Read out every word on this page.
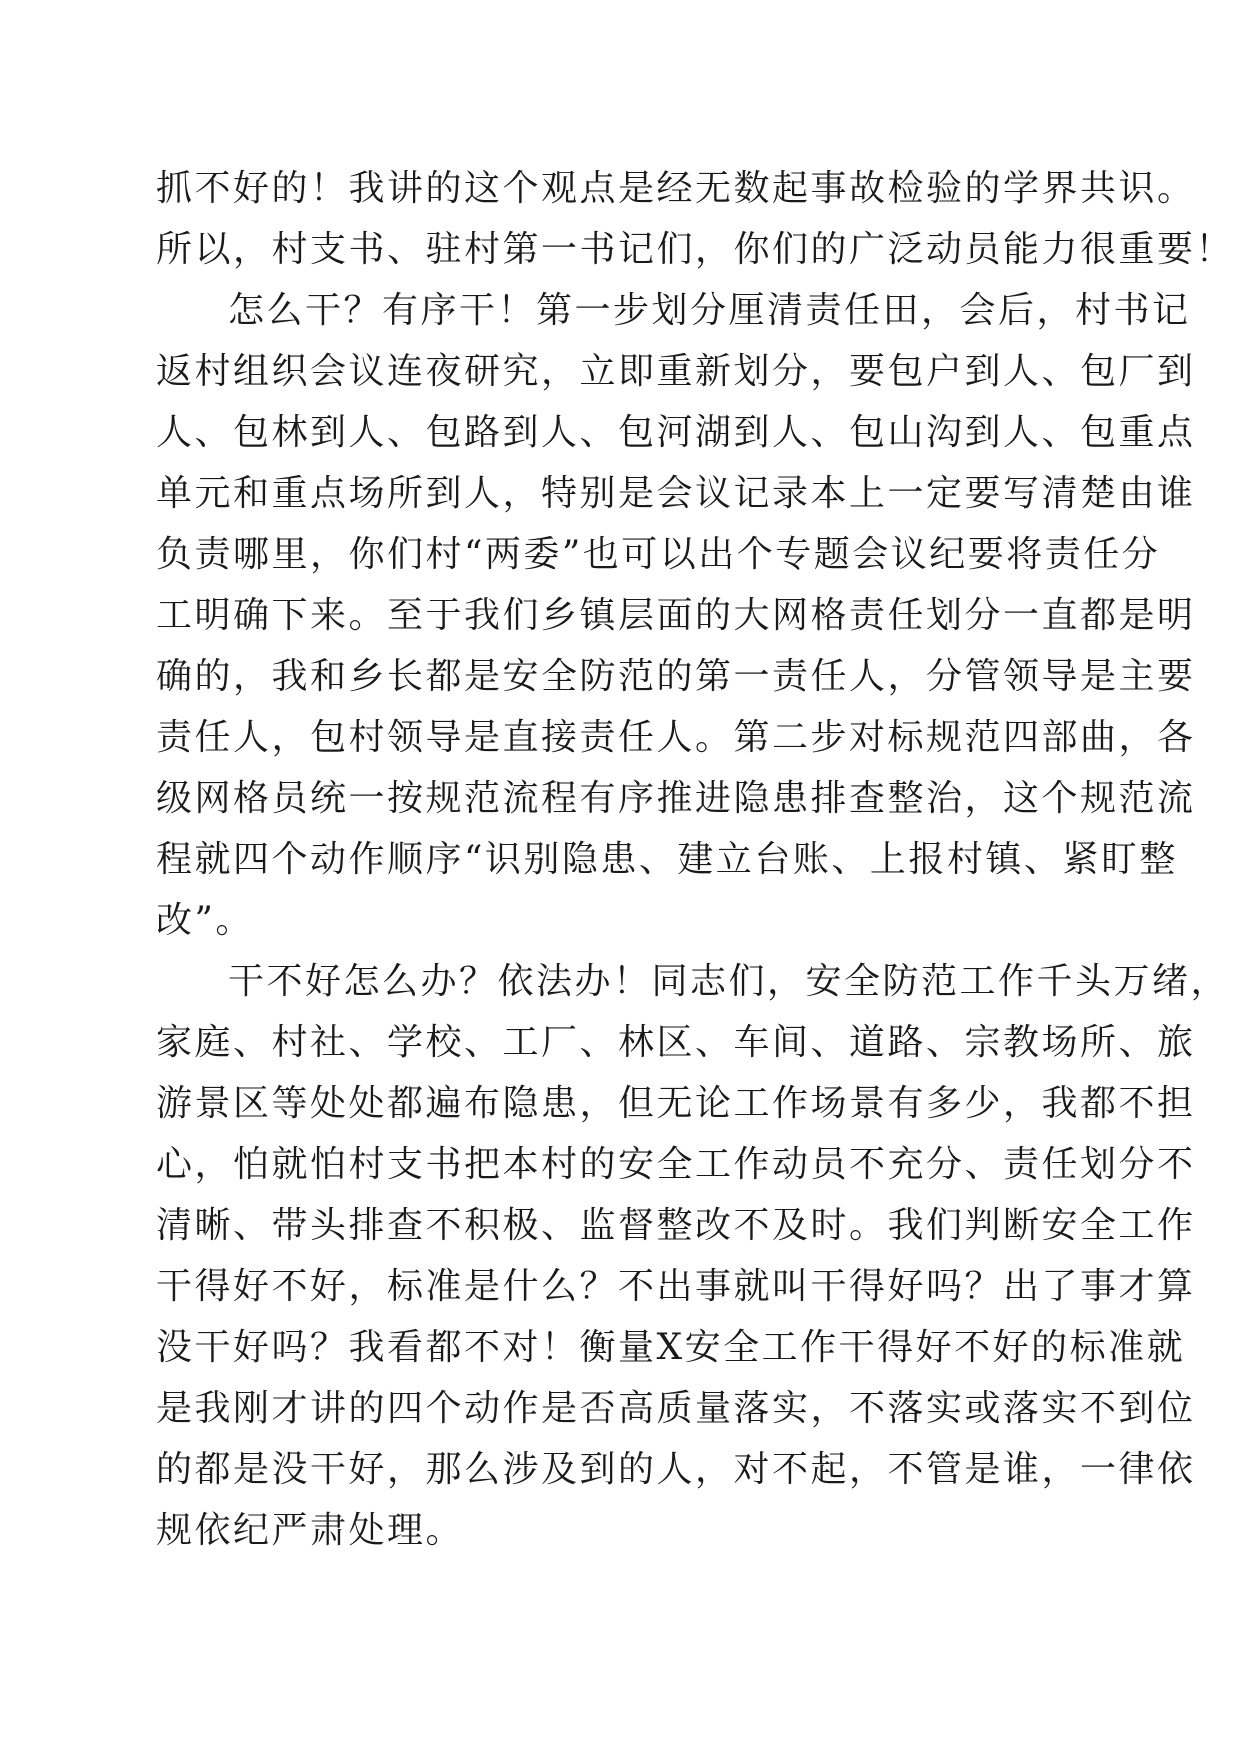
抓不好的！我讲的这个观点是经无数起事故检验的学界共识。
所以，村支书、驻村第一书记们，你们的广泛动员能力很重要！
怎么干？有序干！第一步划分厘清责任田，会后，村书记
返村组织会议连夜研究，立即重新划分，要包户到人、包厂到
人、包林到人、包路到人、包河湖到人、包山沟到人、包重点
单元和重点场所到人，特别是会议记录本上一定要写清楚由谁
负责哪里，你们村“两委”也可以出个专题会议纪要将责任分
工明确下来。至于我们乡镇层面的大网格责任划分一直都是明
确的，我和乡长都是安全防范的第一责任人，分管领导是主要
责任人，包村领导是直接责任人。第二步对标规范四部曲，各
级网格员统一按规范流程有序推进隐患排查整治，这个规范流
程就四个动作顺序“识别隐患、建立台账、上报村镇、紧盯整
改”。
干不好怎么办？依法办！同志们，安全防范工作千头万绪，
家庭、村社、学校、工厂、林区、车间、道路、宗教场所、旅
游景区等处处都遍布隐患，但无论工作场景有多少，我都不担
心，怕就怕村支书把本村的安全工作动员不充分、责任划分不
清晰、带头排查不积极、监督整改不及时。我们判断安全工作
干得好不好，标准是什么？不出事就叫干得好吗？出了事才算
没干好吗？我看都不对！衡量X安全工作干得好不好的标准就
是我刚才讲的四个动作是否高质量落实，不落实或落实不到位
的都是没干好，那么涉及到的人，对不起，不管是谁，一律依
规依纪严肃处理。
